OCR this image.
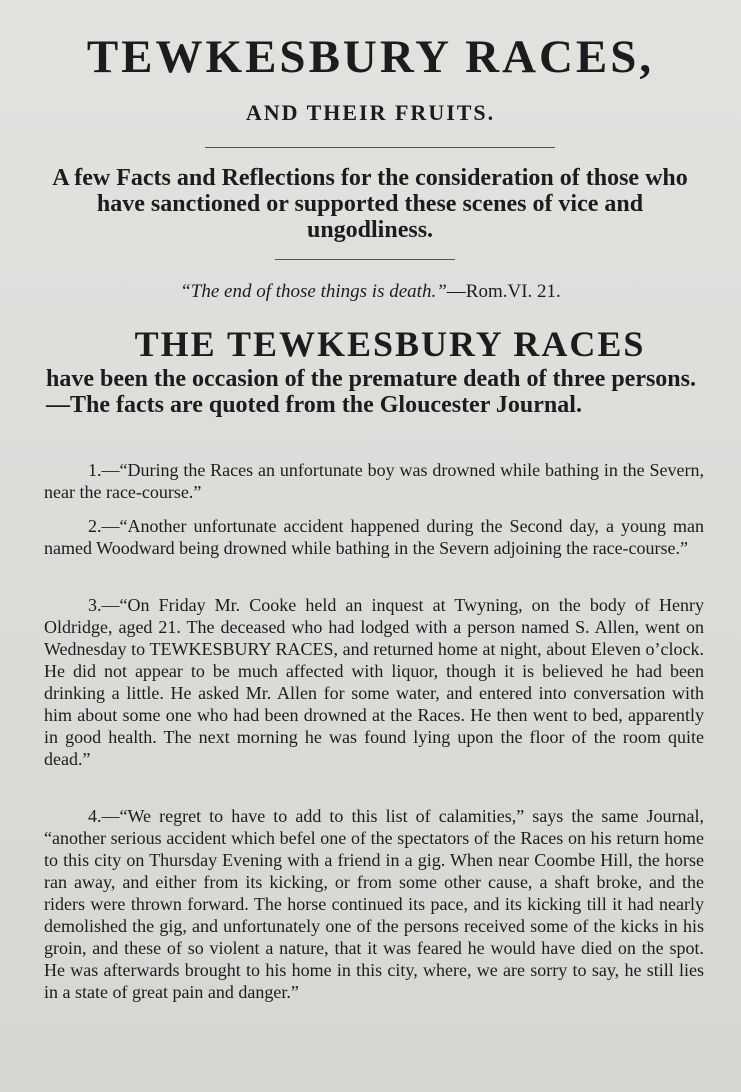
TEWKESBURY RACES,
AND THEIR FRUITS.

A few Facts and Reflections for the consideration of those who have sanctioned or supported these scenes of vice and ungodliness.

“The end of those things is death.”—Rom.VI. 21.

THE TEWKESBURY RACES

have been the occasion of the premature death of three persons.—The facts are quoted from the Gloucester Journal.

1.—“During the Races an unfortunate boy was drowned while bathing in the Severn, near the race-course.”

2.—“Another unfortunate accident happened during the Second day, a young man named Woodward being drowned while bathing in the Severn adjoining the race-course.”

3.—“On Friday Mr. Cooke held an inquest at Twyning, on the body of Henry Oldridge, aged 21. The deceased who had lodged with a person named S. Allen, went on Wednesday to TEWKESBURY RACES, and returned home at night, about Eleven o’clock. He did not appear to be much affected with liquor, though it is believed he had been drinking a little. He asked Mr. Allen for some water, and entered into conversation with him about some one who had been drowned at the Races. He then went to bed, apparently in good health. The next morning he was found lying upon the floor of the room quite dead.”

4.—“We regret to have to add to this list of calamities,” says the same Journal, “another serious accident which befel one of the spectators of the Races on his return home to this city on Thursday Evening with a friend in a gig. When near Coombe Hill, the horse ran away, and either from its kicking, or from some other cause, a shaft broke, and the riders were thrown forward. The horse continued its pace, and its kicking till it had nearly demolished the gig, and unfortunately one of the persons received some of the kicks in his groin, and these of so violent a nature, that it was feared he would have died on the spot. He was afterwards brought to his home in this city, where, we are sorry to say, he still lies in a state of great pain and danger.”
